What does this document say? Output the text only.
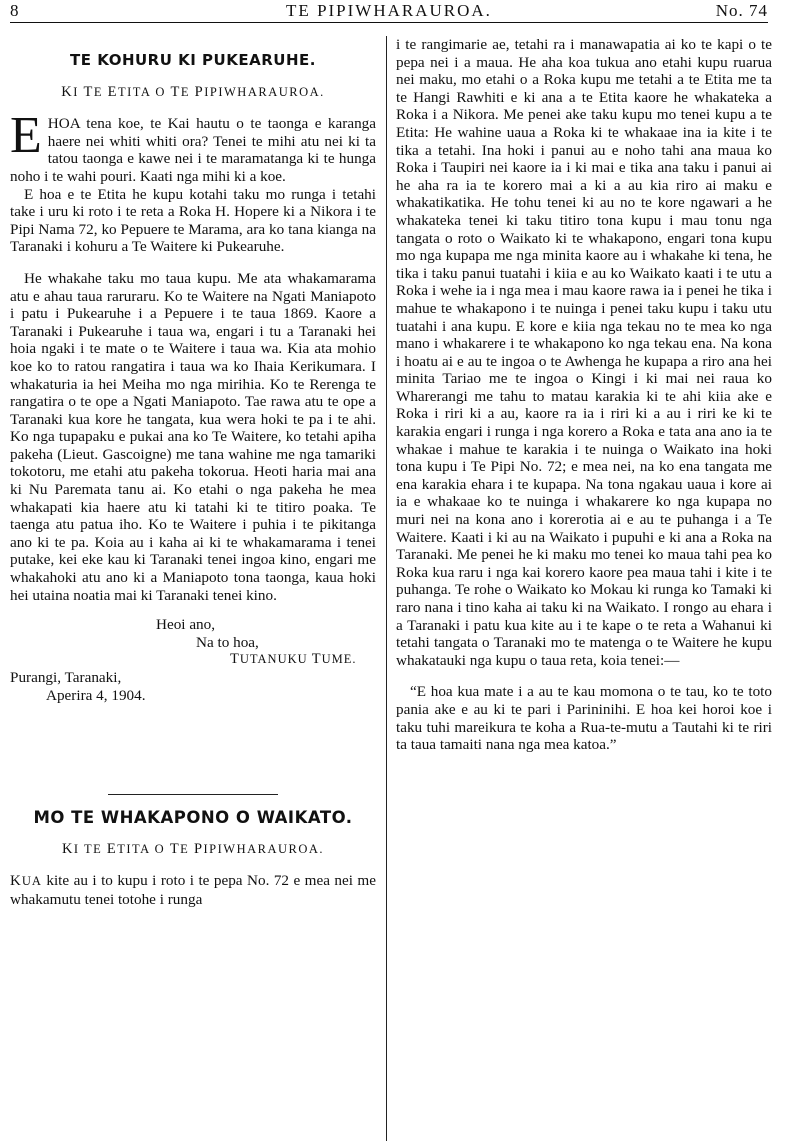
8	TE PIPIWHARAUROA.	No. 74
TE KOHURU KI PUKEARUHE.
KI TE ETITA O TE PIPIWHARAUROA.

EHOA tena koe, te Kai hautu o te taonga e karanga haere nei whiti whiti ora? Tenei te mihi atu nei ki ta tatou taonga e kawe nei i te maramatanga ki te hunga noho i te wahi pouri. Kaati nga mihi ki a koe.

E hoa e te Etita he kupu kotahi taku mo runga i tetahi take i uru ki roto i te reta a Roka H. Hopere ki a Nikora i te Pipi Nama 72, ko Pepuere te Marama, ara ko tana kianga na Taranaki i kohuru a Te Waitere ki Pukearuhe.

He whakahe taku mo taua kupu. Me ata whakamarama atu e ahau taua raruraru. Ko te Waitere na Ngati Maniapoto i patu i Pukearuhe i a Pepuere i te taua 1869. Kaore a Taranaki i Pukearuhe i taua wa, engari i tu a Taranaki hei hoia ngaki i te mate o te Waitere i taua wa. Kia ata mohio koe ko to ratou rangatira i taua wa ko Ihaia Kerikumara. I whakaturia ia hei Meiha mo nga mirihia. Ko te Rerenga te rangatira o te ope a Ngati Maniapoto. Tae rawa atu te ope a Taranaki kua kore he tangata, kua wera hoki te pa i te ahi. Ko nga tupapaku e pukai ana ko Te Waitere, ko tetahi apiha pakeha (Lieut. Gascoigne) me tana wahine me nga tamariki tokotoru, me etahi atu pakeha tokorua. Heoti haria mai ana ki Nu Paremata tanu ai. Ko etahi o nga pakeha he mea whakapati kia haere atu ki tatahi ki te titiro poaka. Te taenga atu patua iho. Ko te Waitere i puhia i te pikitanga ano ki te pa. Koia au i kaha ai ki te whakamarama i tenei putake, kei eke kau ki Taranaki tenei ingoa kino, engari me whakahoki atu ano ki a Maniapoto tona taonga, kaua hoki hei utaina noatia mai ki Taranaki tenei kino.

Heoi ano,
Na to hoa,
TUTANUKU TUME.
Purangi, Taranaki,
Aperira 4, 1904.
MO TE WHAKAPONO O WAIKATO.
KI TE ETITA O TE PIPIWHARAUROA.

KUA kite au i to kupu i roto i te pepa No. 72 e mea nei me whakamutu tenei totohe i runga

i te rangimarie ae, tetahi ra i manawapatia ai ko te kapi o te pepa nei i a maua. He aha koa tukua ano etahi kupu ruarua nei maku, mo etahi o a Roka kupu me tetahi a te Etita me ta te Hangi Rawhiti e ki ana a te Etita kaore he whakateka a Roka i a Nikora. Me penei ake taku kupu mo tenei kupu a te Etita: He wahine uaua a Roka ki te whakaae ina ia kite i te tika a tetahi. Ina hoki i panui au e noho tahi ana maua ko Roka i Taupiri nei kaore ia i ki mai e tika ana taku i panui ai he aha ra ia te korero mai a ki a au kia riro ai maku e whakatikatika. He tohu tenei ki au no te kore ngawari a he whakateka tenei ki taku titiro tona kupu i mau tonu nga tangata o roto o Waikato ki te whakapono, engari tona kupu mo nga kupapa me nga minita kaore au i whakahe ki tena, he tika i taku panui tuatahi i kiia e au ko Waikato kaati i te utu a Roka i wehe ia i nga mea i mau kaore rawa ia i penei he tika i mahue te whakapono i te nuinga i penei taku kupu i taku utu tuatahi i ana kupu. E kore e kiia nga tekau no te mea ko nga mano i whakarere i te whakapono ko nga tekau ena. Na kona i hoatu ai e au te ingoa o te Awhenga he kupapa a riro ana hei minita Tariao me te ingoa o Kingi i ki mai nei raua ko Wharerangi me tahu to matau karakia ki te ahi kiia ake e Roka i riri ki a au, kaore ra ia i riri ki a au i riri ke ki te karakia engari i runga i nga korero a Roka e tata ana ano ia te whakae i mahue te karakia i te nuinga o Waikato ina hoki tona kupu i Te Pipi No. 72; e mea nei, na ko ena tangata me ena karakia ehara i te kupapa. Na tona ngakau uaua i kore ai ia e whakaae ko te nuinga i whakarere ko nga kupapa no muri nei na kona ano i korerotia ai e au te puhanga i a Te Waitere. Kaati i ki au na Waikato i pupuhi e ki ana a Roka na Taranaki. Me penei he ki maku mo tenei ko maua tahi pea ko Roka kua raru i nga kai korero kaore pea maua tahi i kite i te puhanga. Te rohe o Waikato ko Mokau ki runga ko Tamaki ki raro nana i tino kaha ai taku ki na Waikato. I rongo au ehara i a Taranaki i patu kua kite au i te kape o te reta a Wahanui ki tetahi tangata o Taranaki mo te matenga o te Waitere he kupu whakatauki nga kupu o taua reta, koia tenei:—

“E hoa kua mate i a au te kau momona o te tau, ko te toto pania ake e au ki te pari i Parininihi. E hoa kei horoi koe i taku tuhi mareikura te koha a Rua-te-mutu a Tautahi ki te riri ta taua tamaiti nana nga mea katoa.”
